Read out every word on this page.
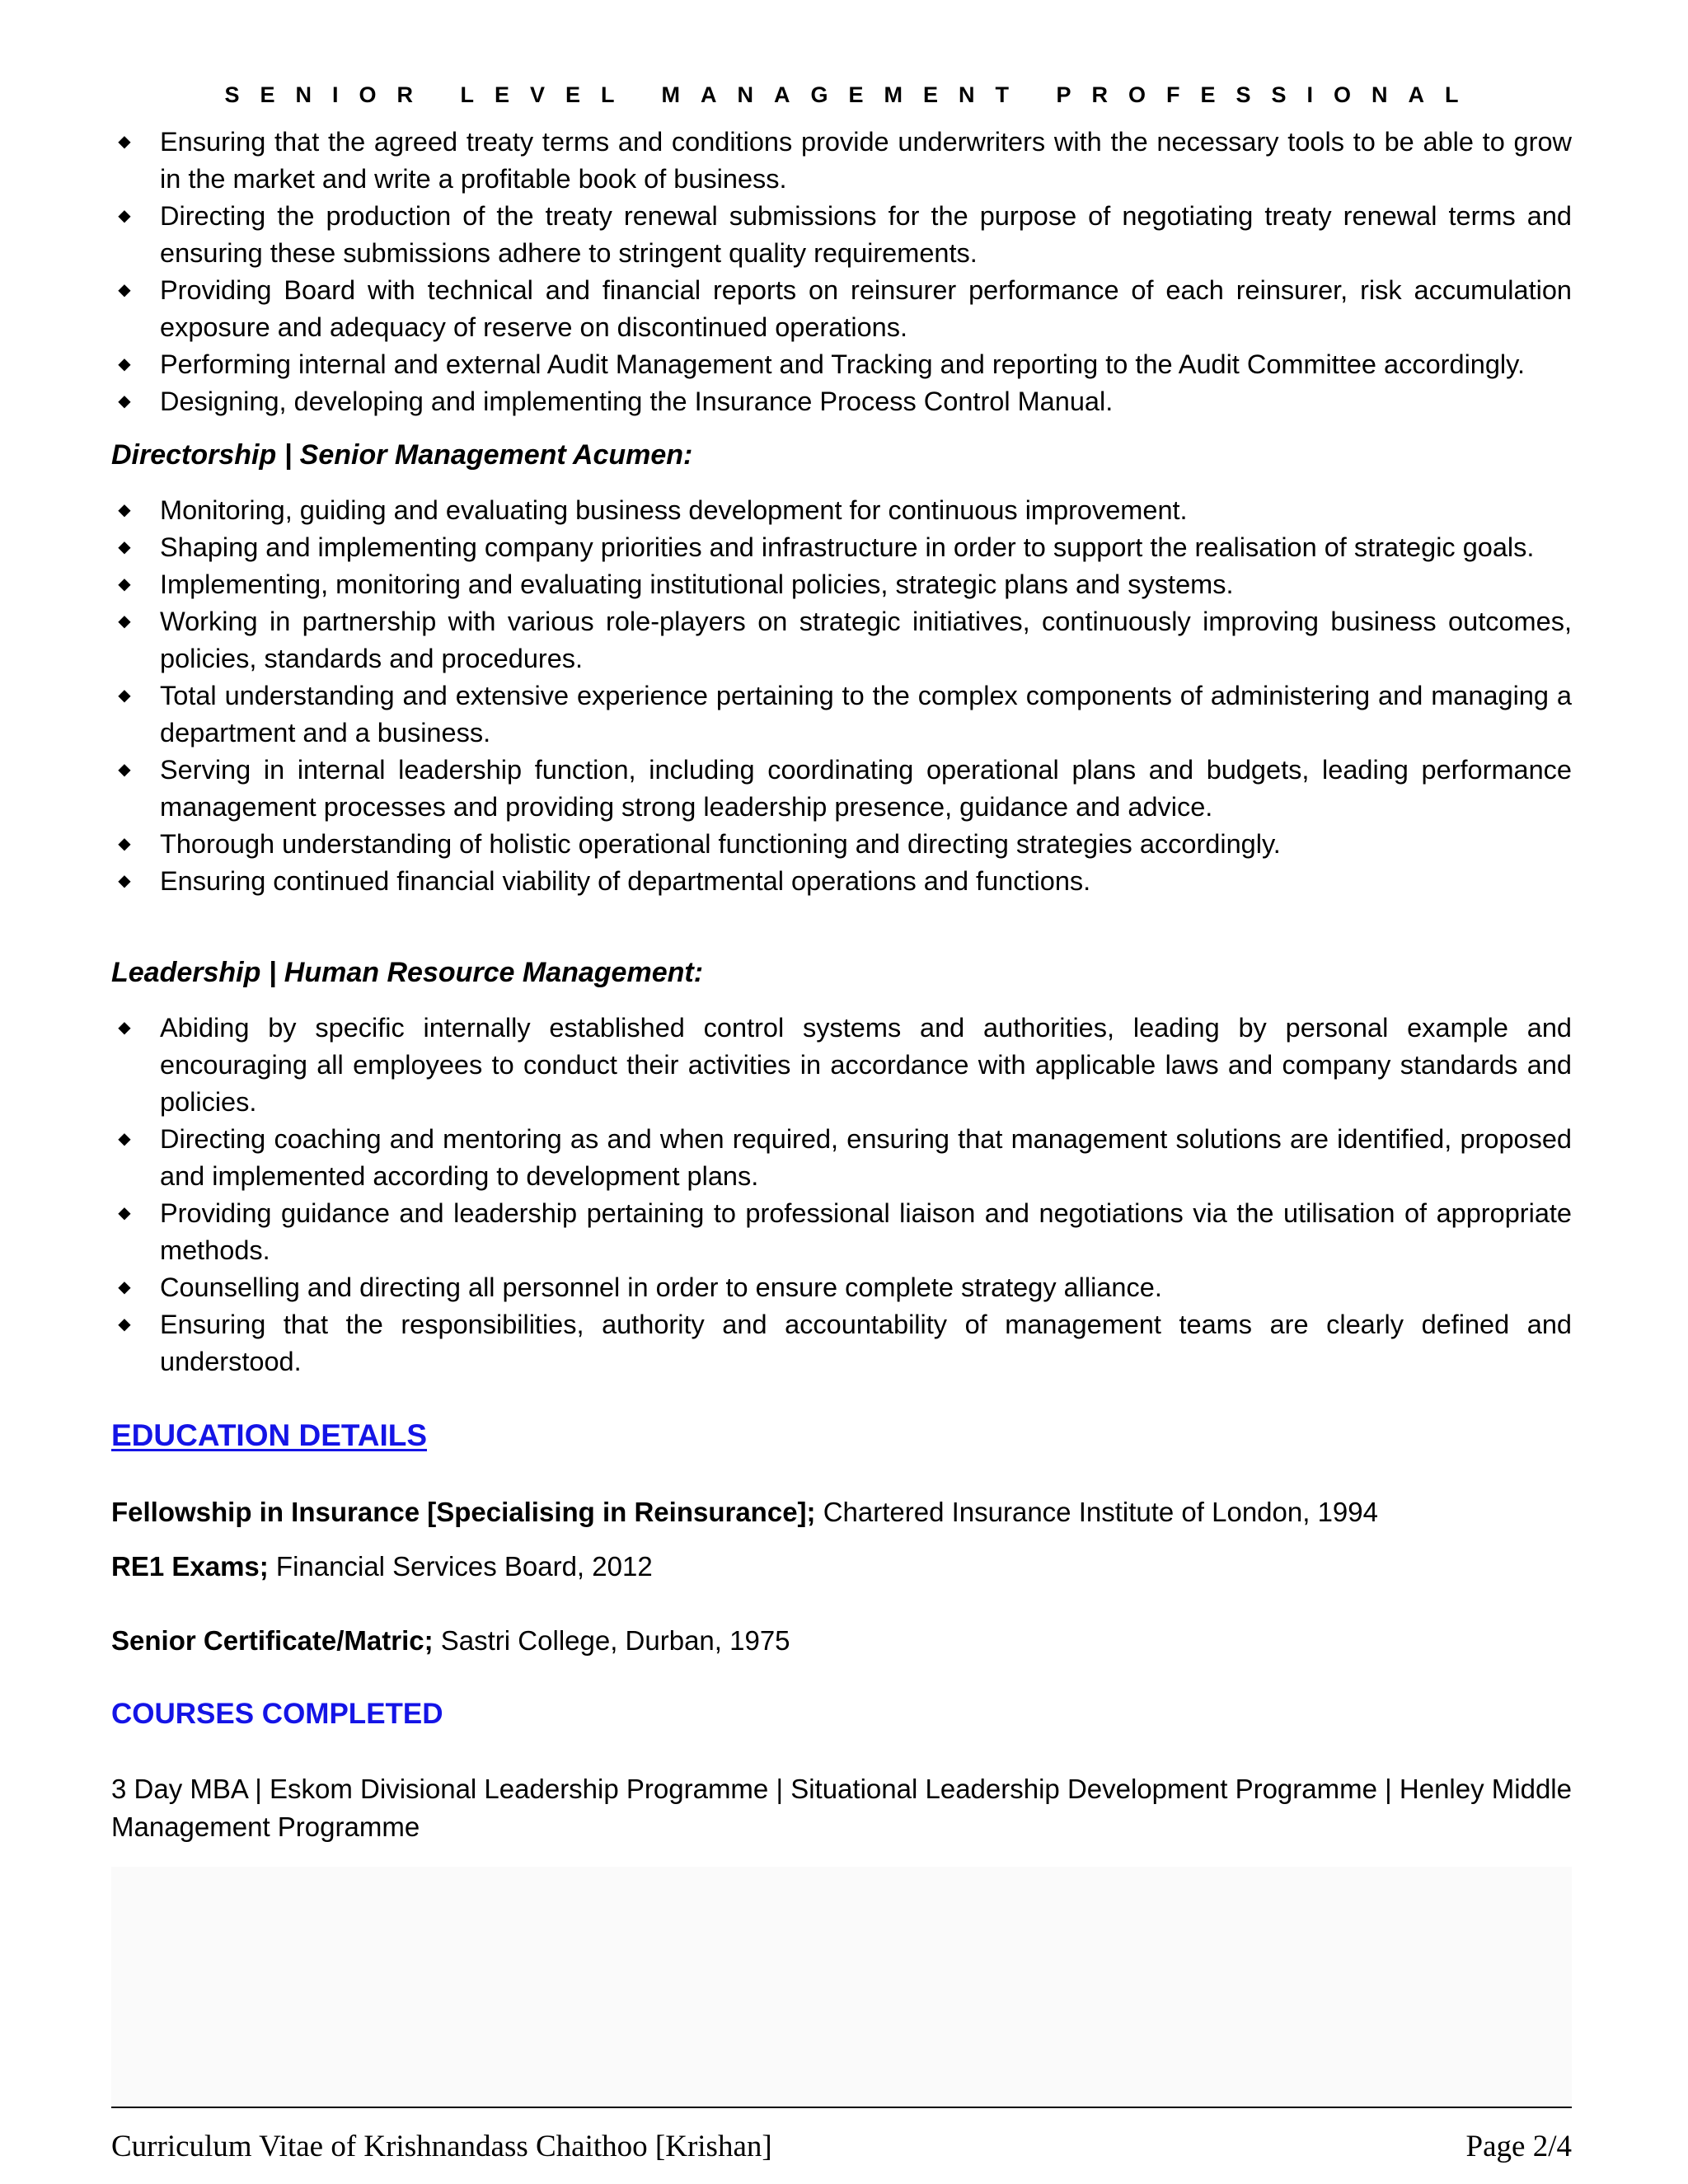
SENIOR LEVEL MANAGEMENT PROFESSIONAL
◆ Ensuring that the agreed treaty terms and conditions provide underwriters with the necessary tools to be able to grow in the market and write a profitable book of business.
◆ Directing the production of the treaty renewal submissions for the purpose of negotiating treaty renewal terms and ensuring these submissions adhere to stringent quality requirements.
◆ Providing Board with technical and financial reports on reinsurer performance of each reinsurer, risk accumulation exposure and adequacy of reserve on discontinued operations.
◆ Performing internal and external Audit Management and Tracking and reporting to the Audit Committee accordingly.
◆ Designing, developing and implementing the Insurance Process Control Manual.
Directorship | Senior Management Acumen:
◆ Monitoring, guiding and evaluating business development for continuous improvement.
◆ Shaping and implementing company priorities and infrastructure in order to support the realisation of strategic goals.
◆ Implementing, monitoring and evaluating institutional policies, strategic plans and systems.
◆ Working in partnership with various role-players on strategic initiatives, continuously improving business outcomes, policies, standards and procedures.
◆ Total understanding and extensive experience pertaining to the complex components of administering and managing a department and a business.
◆ Serving in internal leadership function, including coordinating operational plans and budgets, leading performance management processes and providing strong leadership presence, guidance and advice.
◆ Thorough understanding of holistic operational functioning and directing strategies accordingly.
◆ Ensuring continued financial viability of departmental operations and functions.
Leadership | Human Resource Management:
◆ Abiding by specific internally established control systems and authorities, leading by personal example and encouraging all employees to conduct their activities in accordance with applicable laws and company standards and policies.
◆ Directing coaching and mentoring as and when required, ensuring that management solutions are identified, proposed and implemented according to development plans.
◆ Providing guidance and leadership pertaining to professional liaison and negotiations via the utilisation of appropriate methods.
◆ Counselling and directing all personnel in order to ensure complete strategy alliance.
◆ Ensuring that the responsibilities, authority and accountability of management teams are clearly defined and understood.
EDUCATION DETAILS
Fellowship in Insurance [Specialising in Reinsurance]; Chartered Insurance Institute of London, 1994
RE1 Exams; Financial Services Board, 2012
Senior Certificate/Matric; Sastri College, Durban, 1975
COURSES COMPLETED
3 Day MBA | Eskom Divisional Leadership Programme | Situational Leadership Development Programme | Henley Middle Management Programme
Curriculum Vitae of Krishnandass Chaithoo [Krishan]	Page 2/4
